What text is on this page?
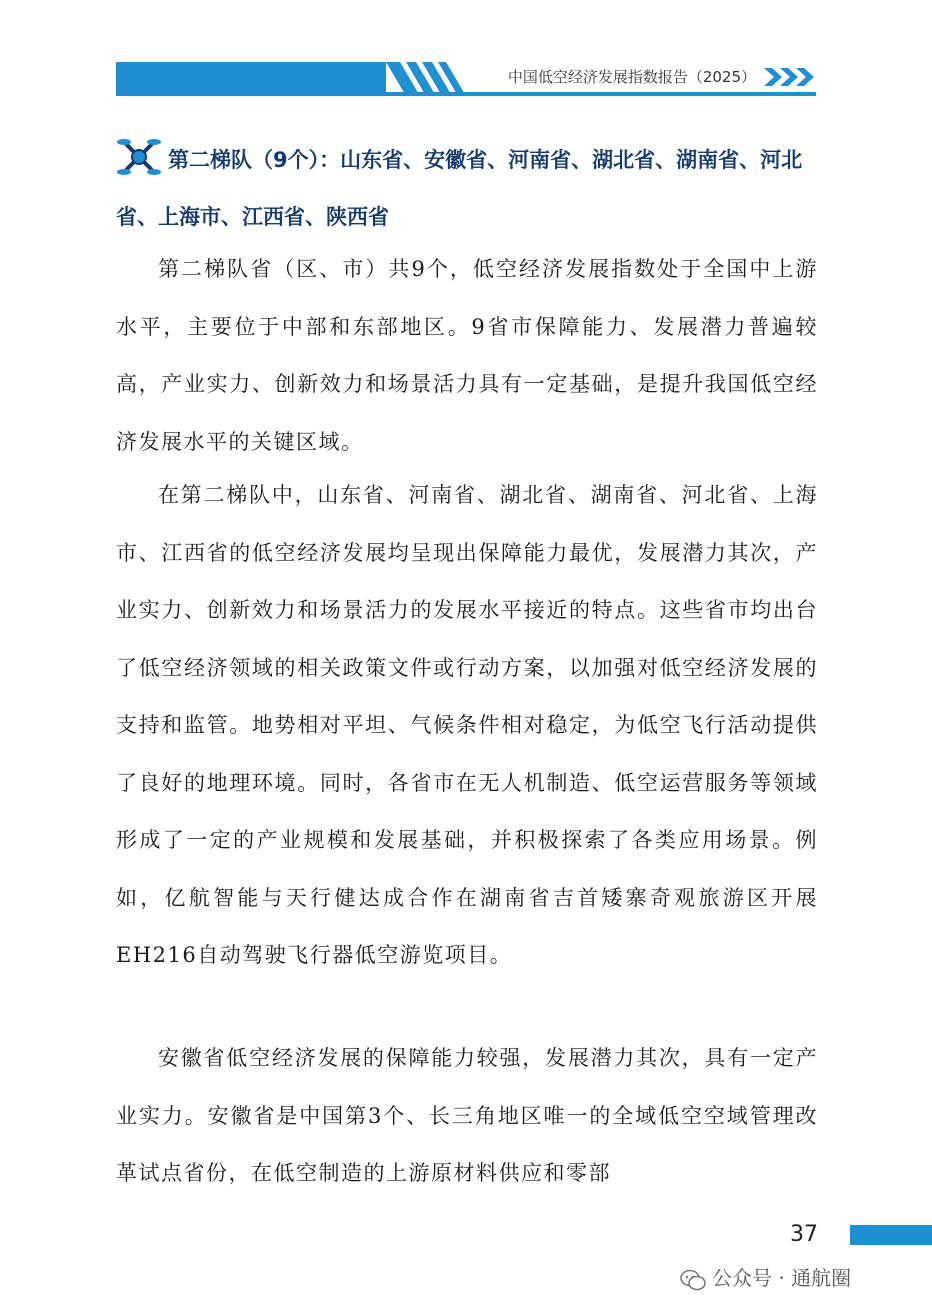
中国低空经济发展指数报告（2025）
第二梯队（9个）：山东省、安徽省、河南省、湖北省、湖南省、河北省、上海市、江西省、陕西省

第二梯队省（区、市）共9个，低空经济发展指数处于全国中上游水平，主要位于中部和东部地区。9省市保障能力、发展潜力普遍较高，产业实力、创新效力和场景活力具有一定基础，是提升我国低空经济发展水平的关键区域。

在第二梯队中，山东省、河南省、湖北省、湖南省、河北省、上海市、江西省的低空经济发展均呈现出保障能力最优，发展潜力其次，产业实力、创新效力和场景活力的发展水平接近的特点。这些省市均出台了低空经济领域的相关政策文件或行动方案，以加强对低空经济发展的支持和监管。地势相对平坦、气候条件相对稳定，为低空飞行活动提供了良好的地理环境。同时，各省市在无人机制造、低空运营服务等领域形成了一定的产业规模和发展基础，并积极探索了各类应用场景。例如，亿航智能与天行健达成合作在湖南省吉首矮寨奇观旅游区开展EH216自动驾驶飞行器低空游览项目。

安徽省低空经济发展的保障能力较强，发展潜力其次，具有一定产业实力。安徽省是中国第3个、长三角地区唯一的全域低空空域管理改革试点省份，在低空制造的上游原材料供应和零部

37
公众号 · 通航圈
